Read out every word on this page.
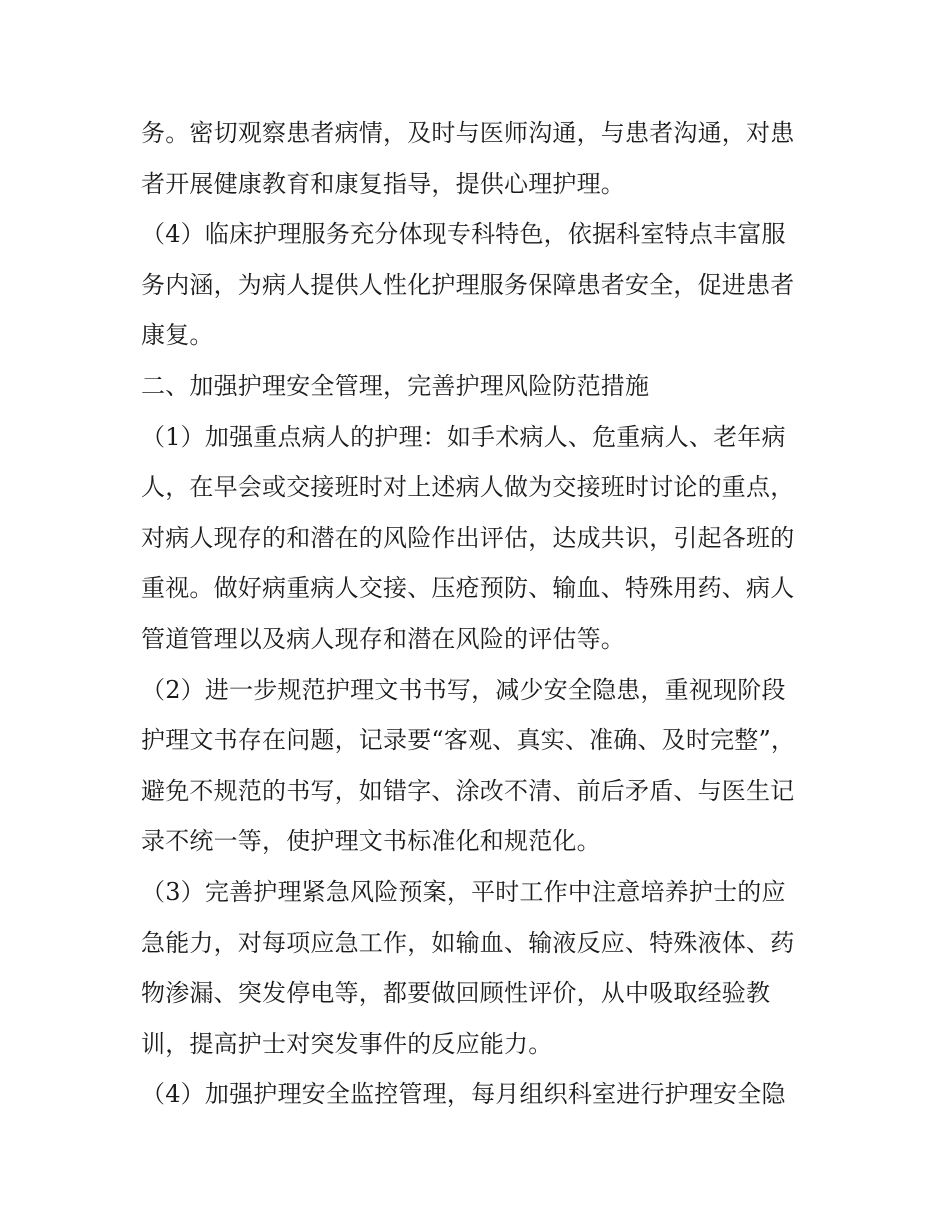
务。密切观察患者病情，及时与医师沟通，与患者沟通，对患
者开展健康教育和康复指导，提供心理护理。
（4）临床护理服务充分体现专科特色，依据科室特点丰富服
务内涵，为病人提供人性化护理服务保障患者安全，促进患者
康复。
二、加强护理安全管理，完善护理风险防范措施
（1）加强重点病人的护理：如手术病人、危重病人、老年病
人，在早会或交接班时对上述病人做为交接班时讨论的重点，
对病人现存的和潜在的风险作出评估，达成共识，引起各班的
重视。做好病重病人交接、压疮预防、输血、特殊用药、病人
管道管理以及病人现存和潜在风险的评估等。
（2）进一步规范护理文书书写，减少安全隐患，重视现阶段
护理文书存在问题，记录要“客观、真实、准确、及时完整”，
避免不规范的书写，如错字、涂改不清、前后矛盾、与医生记
录不统一等，使护理文书标准化和规范化。
（3）完善护理紧急风险预案，平时工作中注意培养护士的应
急能力，对每项应急工作，如输血、输液反应、特殊液体、药
物渗漏、突发停电等，都要做回顾性评价，从中吸取经验教
训，提高护士对突发事件的反应能力。
（4）加强护理安全监控管理，每月组织科室进行护理安全隐
